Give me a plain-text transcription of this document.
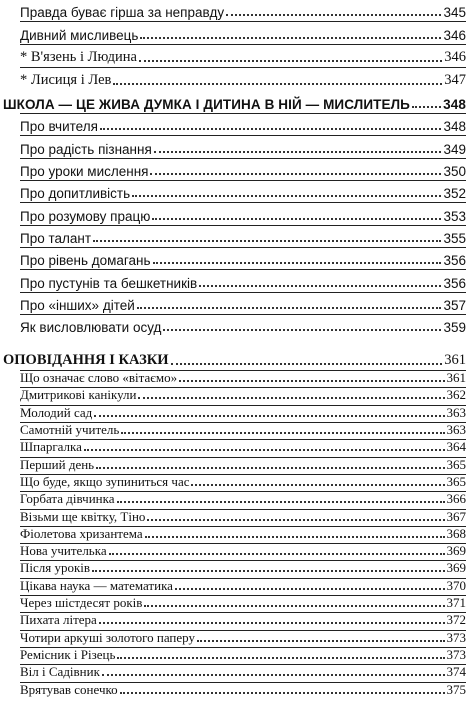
Правда буває гірша за неправду	345
Дивний мисливець	346
* В'язень і Людина	346
* Лисиця і Лев	347
ШКОЛА — ЦЕ ЖИВА ДУМКА І ДИТИНА В НІЙ — МИСЛИТЕЛЬ 348
Про вчителя	348
Про радість пізнання	349
Про уроки мислення	350
Про допитливість	352
Про розумову працю	353
Про талант	355
Про рівень домагань	356
Про пустунів та бешкетників	356
Про «інших» дітей	357
Як висловлювати осуд	359
ОПОВІДАННЯ І КАЗКИ	361
Що означає слово «вітаємо»	361
Дмитрикові канікули	362
Молодий сад	363
Самотній учитель	363
Шпаргалка	364
Перший день	365
Що буде, якщо зупиниться час	365
Горбата дівчинка	366
Візьми ще квітку, Тіно	367
Фіолетова хризантема	368
Нова учителька	369
Після уроків	369
Цікава наука — математика	370
Через шістдесят років	371
Пихата літера	372
Чотири аркуші золотого паперу	373
Ремісник і Різець	373
Віл і Садівник	374
Врятував сонечко	375
